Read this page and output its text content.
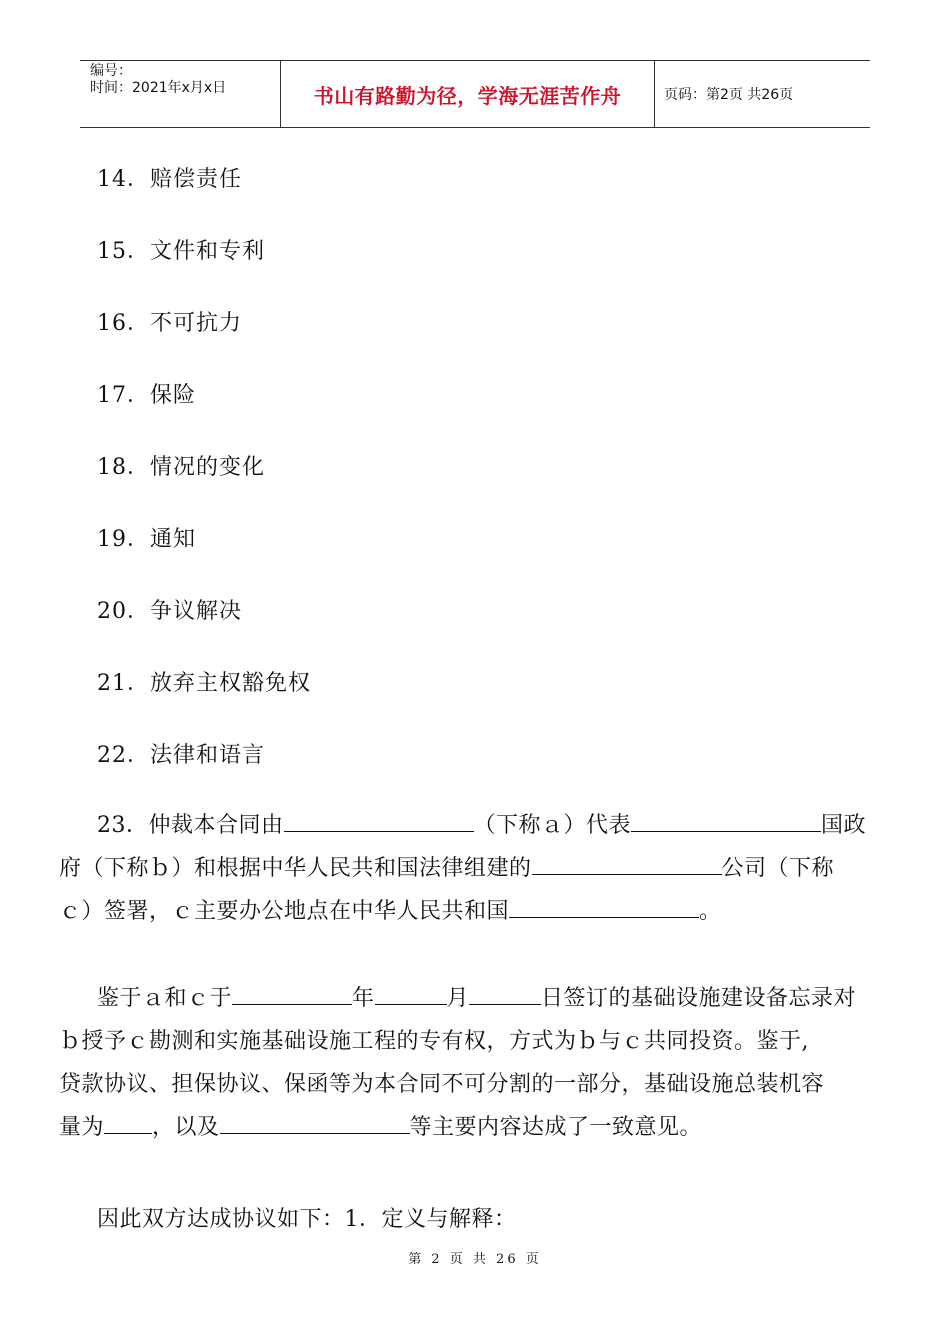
编号：
时间：2021年x月x日	书山有路勤为径，学海无涯苦作舟	页码：第2页 共26页
14．赔偿责任
15．文件和专利
16．不可抗力
17．保险
18．情况的变化
19．通知
20．争议解决
21．放弃主权豁免权
22．法律和语言

23．仲裁本合同由	（下称ａ）代表	国政

府（下称ｂ）和根据中华人民共和国法律组建的	公司（下称

ｃ）签署，ｃ主要办公地点在中华人民共和国	。

鉴于ａ和ｃ于	年	月	日签订的基础设施建设备忘录对

ｂ授予ｃ勘测和实施基础设施工程的专有权，方式为ｂ与ｃ共同投资。鉴于,

贷款协议、担保协议、保函等为本合同不可分割的一部分，基础设施总装机容

量为 ，以及	等主要内容达成了一致意见。

因此双方达成协议如下：1．定义与解释：
第 2 页 共 26 页
